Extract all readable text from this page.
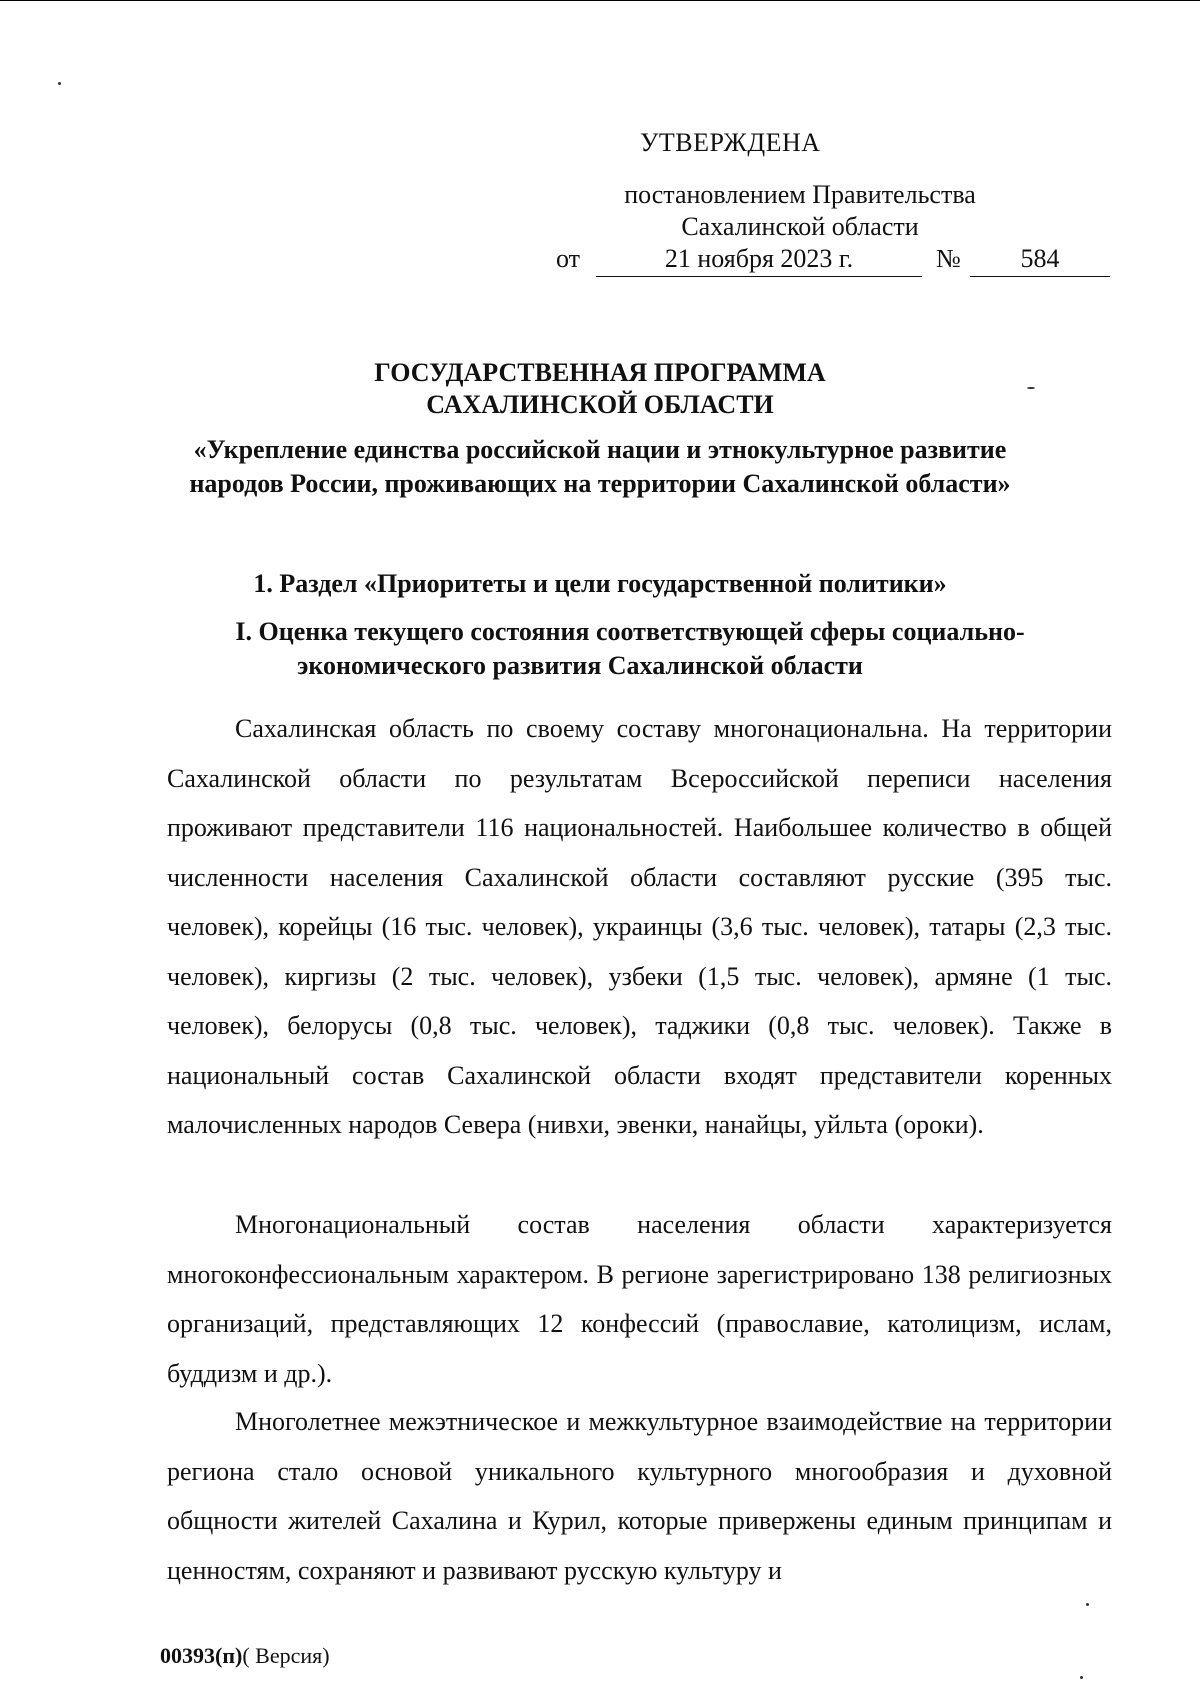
УТВЕРЖДЕНА
постановлением Правительства
Сахалинской области
от	21 ноября 2023 г.	№	584
ГОСУДАРСТВЕННАЯ ПРОГРАММА
САХАЛИНСКОЙ ОБЛАСТИ
«Укрепление единства российской нации и этнокультурное развитие
народов России, проживающих на территории Сахалинской области»
1. Раздел «Приоритеты и цели государственной политики»
I. Оценка текущего состояния соответствующей сферы социально-
экономического развития Сахалинской области

Сахалинская область по своему составу многонациональна. На территории Сахалинской области по результатам Всероссийской переписи населения проживают представители 116 национальностей. Наибольшее количество в общей численности населения Сахалинской области составляют русские (395 тыс. человек), корейцы (16 тыс. человек), украинцы (3,6 тыс. человек), татары (2,3 тыс. человек), киргизы (2 тыс. человек), узбеки (1,5 тыс. человек), армяне (1 тыс. человек), белорусы (0,8 тыс. человек), таджики (0,8 тыс. человек). Также в национальный состав Сахалинской области входят представители коренных малочисленных народов Севера (нивхи, эвенки, нанайцы, уйльта (ороки).

Многонациональный состав населения области характеризуется многоконфессиональным характером. В регионе зарегистрировано 138 религиозных организаций, представляющих 12 конфессий (православие, католицизм, ислам, буддизм и др.).

Многолетнее межэтническое и межкультурное взаимодействие на территории региона стало основой уникального культурного многообразия и духовной общности жителей Сахалина и Курил, которые привержены единым принципам и ценностям, сохраняют и развивают русскую культуру и

00393(п)( Версия)
